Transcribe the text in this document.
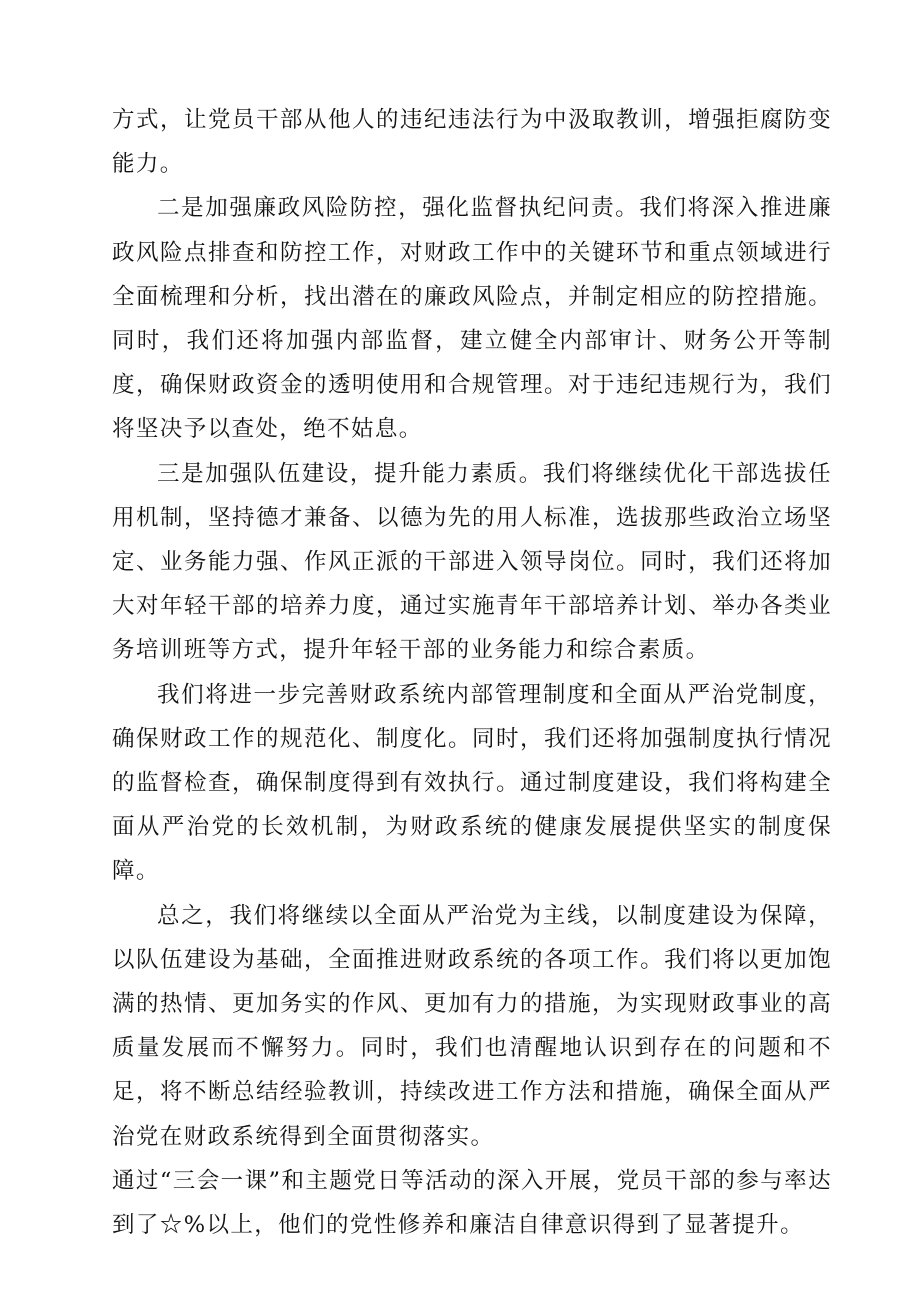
方式，让党员干部从他人的违纪违法行为中汲取教训，增强拒腐防变能力。

二是加强廉政风险防控，强化监督执纪问责。我们将深入推进廉政风险点排查和防控工作，对财政工作中的关键环节和重点领域进行全面梳理和分析，找出潜在的廉政风险点，并制定相应的防控措施。同时，我们还将加强内部监督，建立健全内部审计、财务公开等制度，确保财政资金的透明使用和合规管理。对于违纪违规行为，我们将坚决予以查处，绝不姑息。

三是加强队伍建设，提升能力素质。我们将继续优化干部选拔任用机制，坚持德才兼备、以德为先的用人标准，选拔那些政治立场坚定、业务能力强、作风正派的干部进入领导岗位。同时，我们还将加大对年轻干部的培养力度，通过实施青年干部培养计划、举办各类业务培训班等方式，提升年轻干部的业务能力和综合素质。

我们将进一步完善财政系统内部管理制度和全面从严治党制度，确保财政工作的规范化、制度化。同时，我们还将加强制度执行情况的监督检查，确保制度得到有效执行。通过制度建设，我们将构建全面从严治党的长效机制，为财政系统的健康发展提供坚实的制度保障。

总之，我们将继续以全面从严治党为主线，以制度建设为保障，以队伍建设为基础，全面推进财政系统的各项工作。我们将以更加饱满的热情、更加务实的作风、更加有力的措施，为实现财政事业的高质量发展而不懈努力。同时，我们也清醒地认识到存在的问题和不足，将不断总结经验教训，持续改进工作方法和措施，确保全面从严治党在财政系统得到全面贯彻落实。

通过“三会一课”和主题党日等活动的深入开展，党员干部的参与率达到了☆%以上，他们的党性修养和廉洁自律意识得到了显著提升。
